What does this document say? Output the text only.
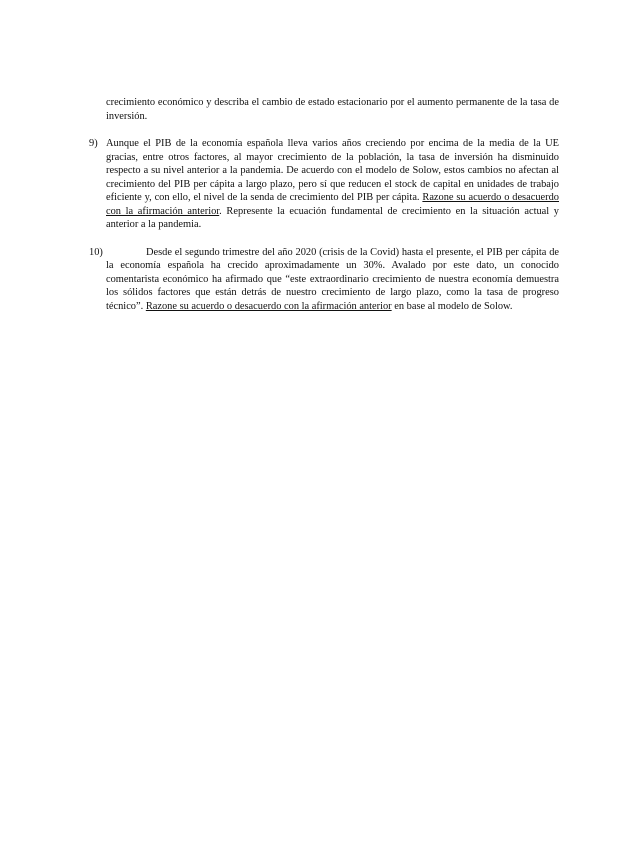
crecimiento económico y describa el cambio de estado estacionario por el aumento permanente de la tasa de inversión.

9) Aunque el PIB de la economía española lleva varios años creciendo por encima de la media de la UE gracias, entre otros factores, al mayor crecimiento de la población, la tasa de inversión ha disminuido respecto a su nivel anterior a la pandemia. De acuerdo con el modelo de Solow, estos cambios no afectan al crecimiento del PIB per cápita a largo plazo, pero sí que reducen el stock de capital en unidades de trabajo eficiente y, con ello, el nivel de la senda de crecimiento del PIB per cápita. Razone su acuerdo o desacuerdo con la afirmación anterior. Represente la ecuación fundamental de crecimiento en la situación actual y anterior a la pandemia.

10)	Desde el segundo trimestre del año 2020 (crisis de la Covid) hasta el presente, el PIB per cápita de la economía española ha crecido aproximadamente un 30%. Avalado por este dato, un conocido comentarista económico ha afirmado que “este extraordinario crecimiento de nuestra economía demuestra los sólidos factores que están detrás de nuestro crecimiento de largo plazo, como la tasa de progreso técnico”. Razone su acuerdo o desacuerdo con la afirmación anterior en base al modelo de Solow.
